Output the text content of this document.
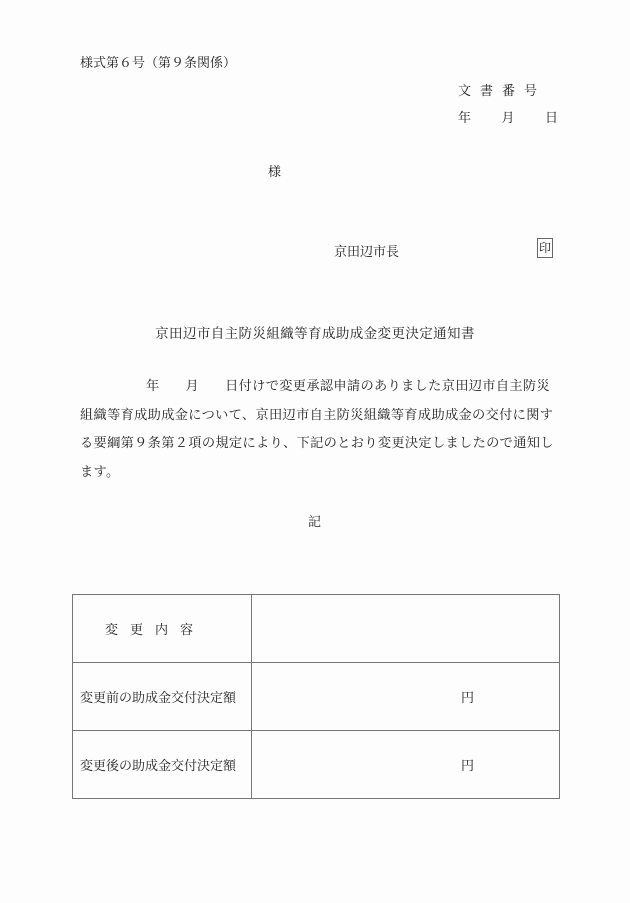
様式第６号（第９条関係）
文書番号
年 月 日
様
京田辺市長	印
京田辺市自主防災組織等育成助成金変更決定通知書
年 月 日付けで変更承認申請のありました京田辺市自主防災
組織等育成助成金について、京田辺市自主防災組織等育成助成金の交付に関す
る要綱第９条第２項の規定により、下記のとおり変更決定しましたので通知し
ます。
記
変更内容	
変更前の助成金交付決定額	円
変更後の助成金交付決定額	円
